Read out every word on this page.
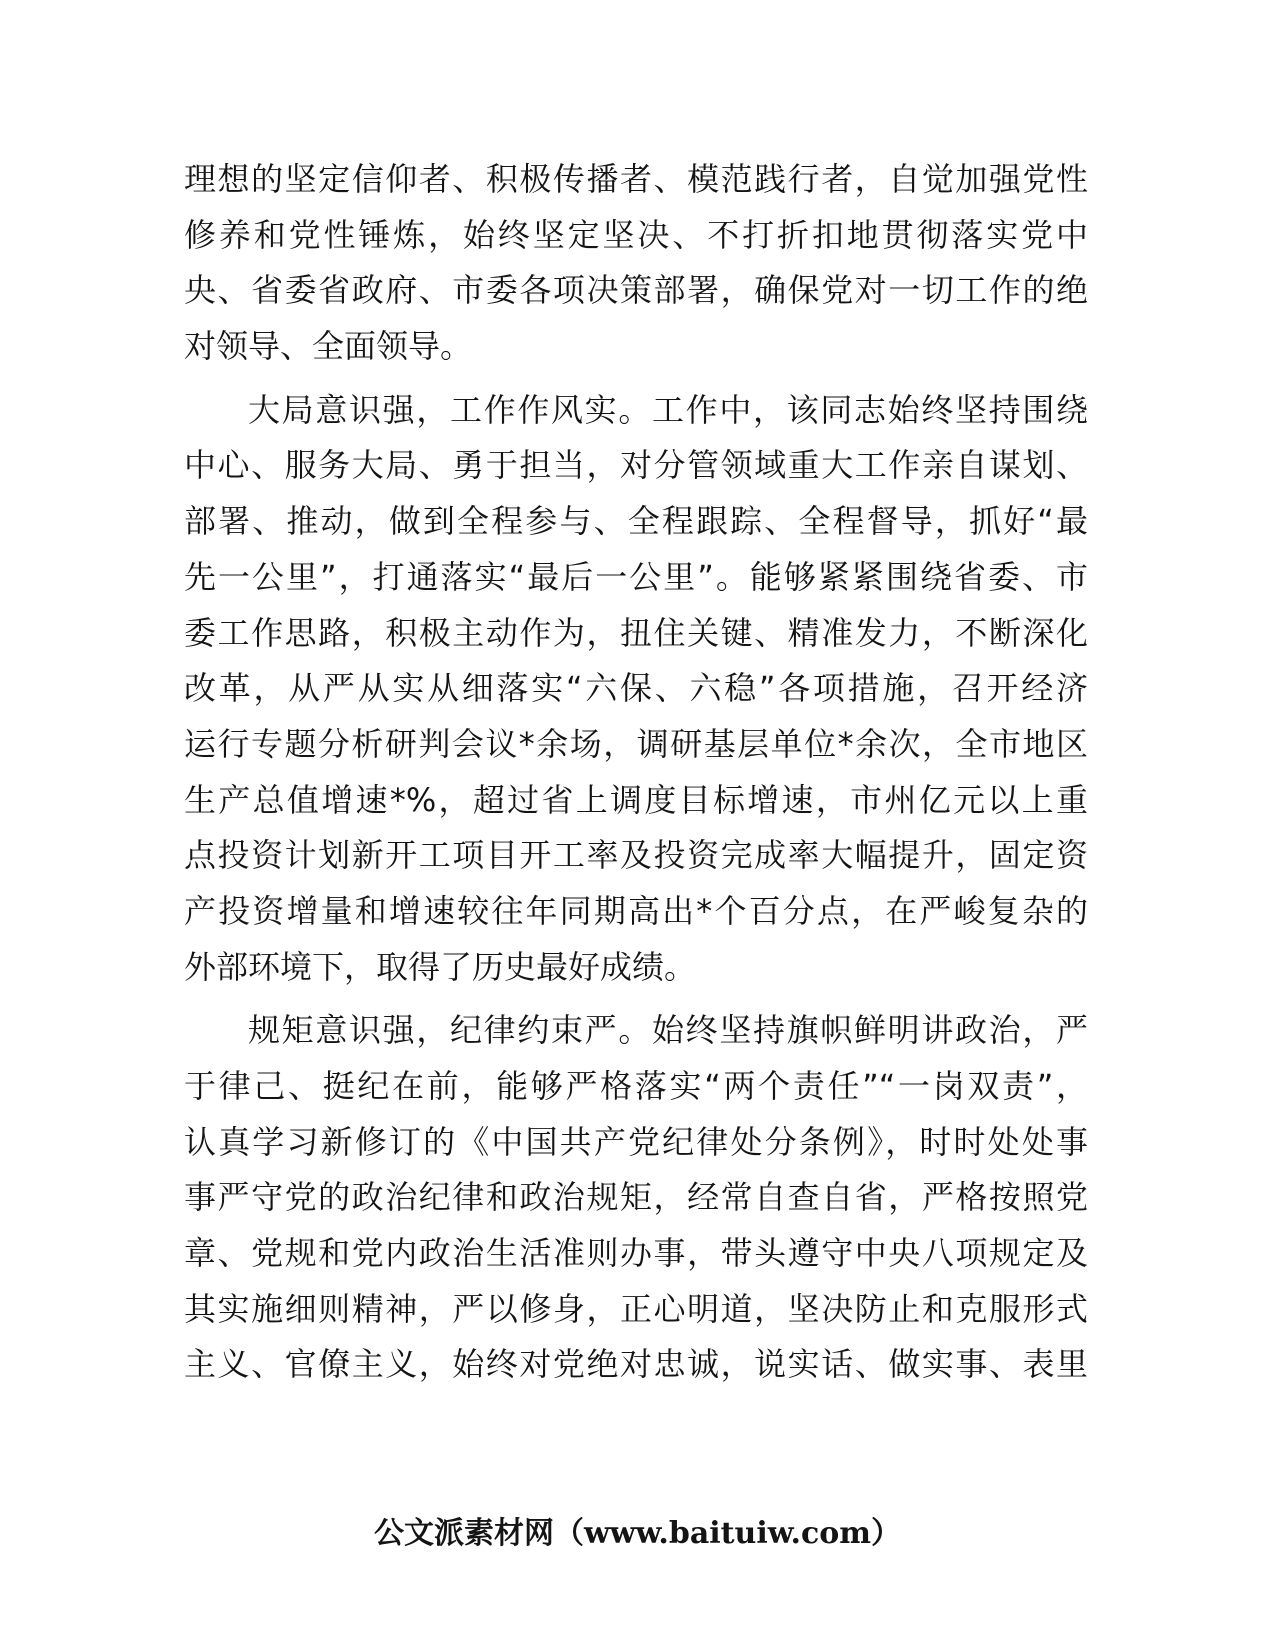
理想的坚定信仰者、积极传播者、模范践行者，自觉加强党性
修养和党性锤炼，始终坚定坚决、不打折扣地贯彻落实党中
央、省委省政府、市委各项决策部署，确保党对一切工作的绝
对领导、全面领导。
大局意识强，工作作风实。工作中，该同志始终坚持围绕
中心、服务大局、勇于担当，对分管领域重大工作亲自谋划、
部署、推动，做到全程参与、全程跟踪、全程督导，抓好“最
先一公里”，打通落实“最后一公里”。能够紧紧围绕省委、市
委工作思路，积极主动作为，扭住关键、精准发力，不断深化
改革，从严从实从细落实“六保、六稳”各项措施，召开经济
运行专题分析研判会议*余场，调研基层单位*余次，全市地区
生产总值增速*%，超过省上调度目标增速，市州亿元以上重
点投资计划新开工项目开工率及投资完成率大幅提升，固定资
产投资增量和增速较往年同期高出*个百分点，在严峻复杂的
外部环境下，取得了历史最好成绩。
规矩意识强，纪律约束严。始终坚持旗帜鲜明讲政治，严
于律己、挺纪在前，能够严格落实“两个责任”“一岗双责”，
认真学习新修订的《中国共产党纪律处分条例》，时时处处事
事严守党的政治纪律和政治规矩，经常自查自省，严格按照党
章、党规和党内政治生活准则办事，带头遵守中央八项规定及
其实施细则精神，严以修身，正心明道，坚决防止和克服形式
主义、官僚主义，始终对党绝对忠诚，说实话、做实事、表里
公文派素材网（www.baituiw.com）
